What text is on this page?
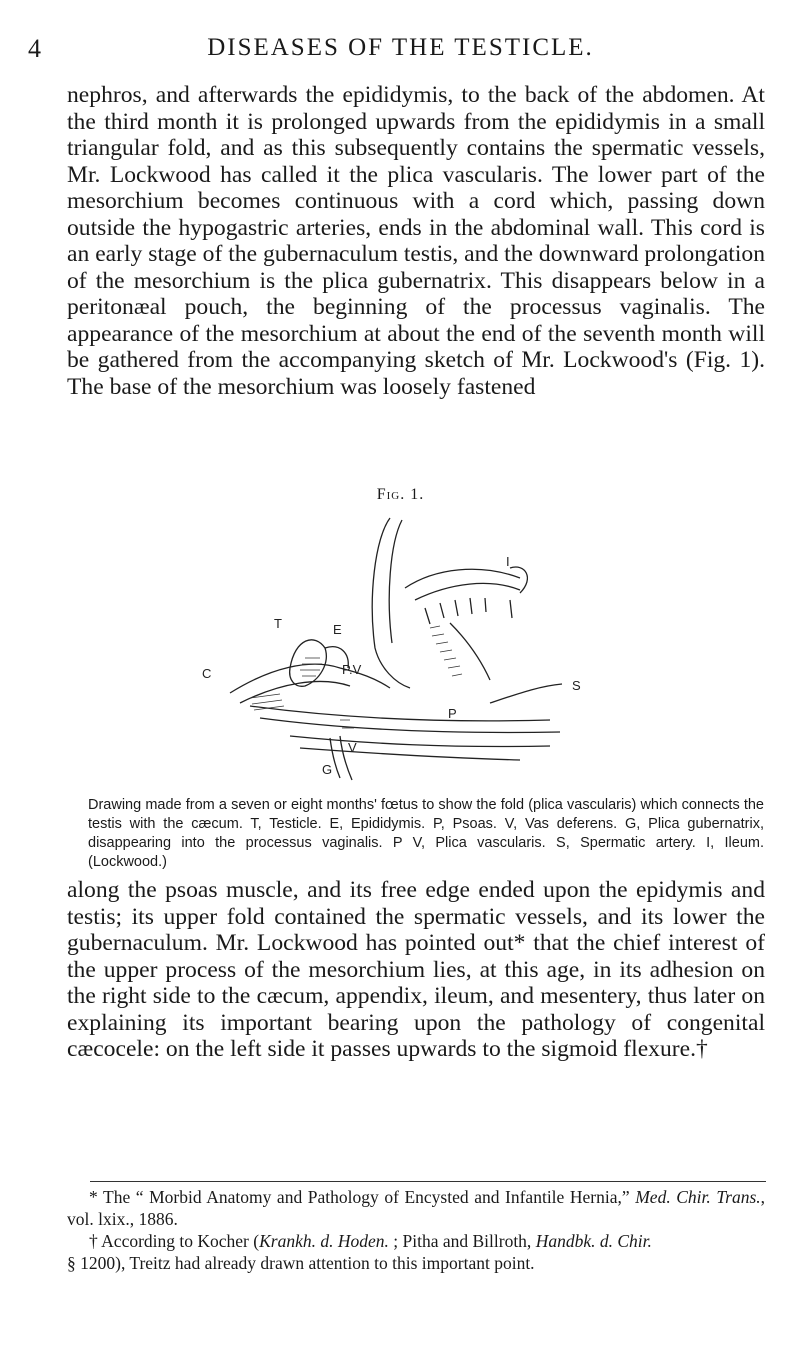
4	DISEASES OF THE TESTICLE.

nephros, and afterwards the epididymis, to the back of the abdomen. At the third month it is prolonged upwards from the epididymis in a small triangular fold, and as this subsequently contains the spermatic vessels, Mr. Lockwood has called it the plica vascularis. The lower part of the mesorchium becomes continuous with a cord which, passing down outside the hypogastric arteries, ends in the abdominal wall. This cord is an early stage of the gubernaculum testis, and the downward prolongation of the mesorchium is the plica gubernatrix. This disappears below in a peritonæal pouch, the beginning of the processus vaginalis. The appearance of the mesorchium at about the end of the seventh month will be gathered from the accompanying sketch of Mr. Lockwood's (Fig. 1). The base of the mesorchium was loosely fastened

Fig. 1.
T	E
C
I
P.V
S
P
V
G
Drawing made from a seven or eight months' fœtus to show the fold (plica vascularis) which connects the testis with the cæcum. T, Testicle. E, Epididymis. P, Psoas. V, Vas deferens. G, Plica gubernatrix, disappearing into the processus vaginalis. P V, Plica vascularis. S, Spermatic artery. I, Ileum. (Lockwood.)

along the psoas muscle, and its free edge ended upon the epidymis and testis; its upper fold contained the spermatic vessels, and its lower the gubernaculum. Mr. Lockwood has pointed out* that the chief interest of the upper process of the mesorchium lies, at this age, in its adhesion on the right side to the cæcum, appendix, ileum, and mesentery, thus later on explaining its important bearing upon the pathology of congenital cæcocele: on the left side it passes upwards to the sigmoid flexure.†

* The “ Morbid Anatomy and Pathology of Encysted and Infantile Hernia,” Med. Chir. Trans., vol. lxix., 1886.

† According to Kocher (Krankh. d. Hoden. ; Pitha and Billroth, Handbk. d. Chir.

§ 1200), Treitz had already drawn attention to this important point.
